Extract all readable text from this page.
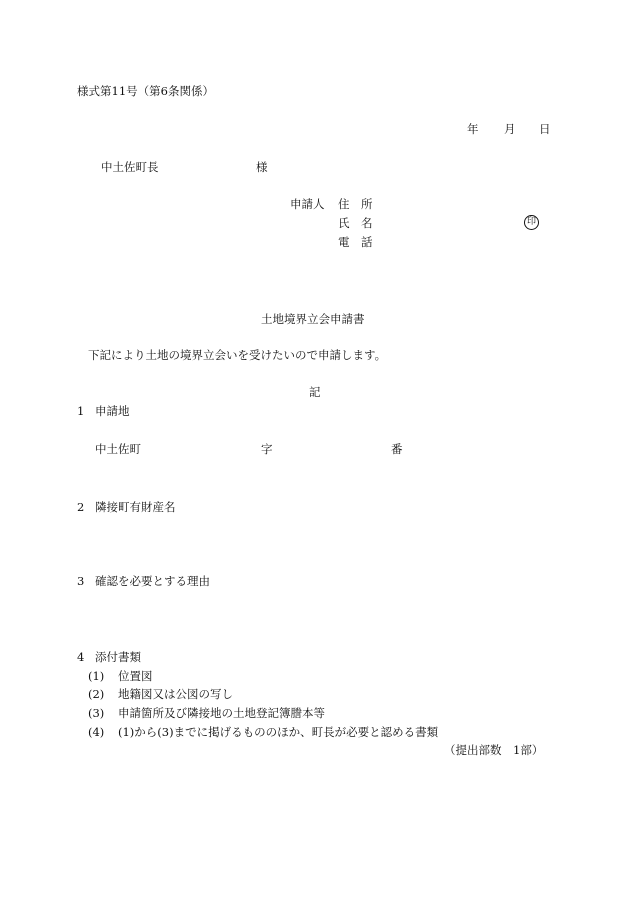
様式第11号（第6条関係）
年 月 日
中土佐町長	様
申請人 住　所
氏　名	印
電　話
土地境界立会申請書
下記により土地の境界立会いを受けたいので申請します。
記
1 申請地
中土佐町	字	番
2 隣接町有財産名
3 確認を必要とする理由
4 添付書類
(1) 位置図
(2) 地籍図又は公図の写し
(3) 申請箇所及び隣接地の土地登記簿謄本等
(4) (1)から(3)までに掲げるもののほか、町長が必要と認める書類
（提出部数　1部）
